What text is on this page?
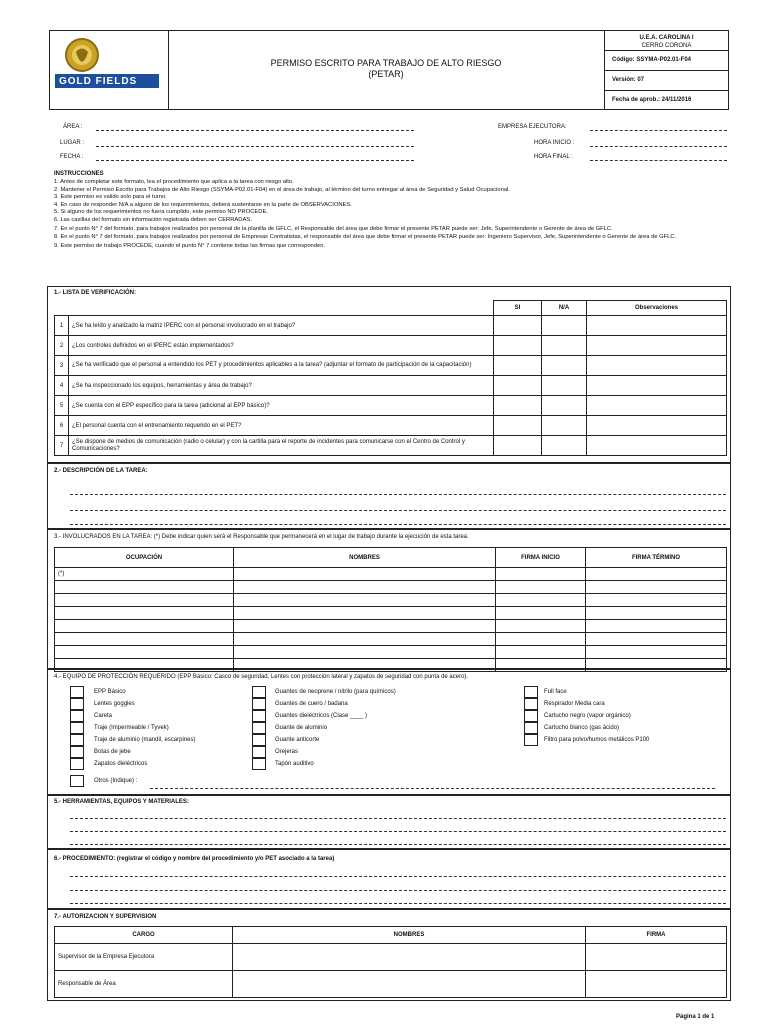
GOLD FIELDS
PERMISO ESCRITO PARA TRABAJO DE ALTO RIESGO
(PETAR)
U.E.A. CAROLINA I
CERRO CORONA
Código: SSYMA-P02.01-F04
Versión: 07
Fecha de aprob.: 24/11/2016
ÁREA :
LUGAR :
FECHA :
EMPRESA EJECUTORA:
HORA INICIO :
HORA FINAL :
INSTRUCCIONES
1. Antes de completar este formato, lea el procedimiento que aplica a la tarea con riesgo alto.
2. Mantener el Permiso Escrito para Trabajos de Alto Riesgo (SSYMA-P02.01-F04) en el área de trabajo, al término del turno entregar al área de Seguridad y Salud Ocupacional.
3. Este permiso es valido solo para el turno.
4. En caso de responder N/A a alguno de los requerimientos, deberá sustentarse en la parte de OBSERVACIONES.
5. Si alguno de los requerimientos no fuera cumplido, este permiso NO PROCEDE.
6. Las casillas del formato sin información registrada deben ser CERRADAS.
7. En el punto N° 7 del formato, para trabajos realizados por personal de la planilla de GFLC, el Responsable del área que debe firmar el presente PETAR puede ser: Jefe, Superintendente o Gerente de área de GFLC.
8. En el punto N° 7 del formato, para trabajos realizados por personal de Empresas Contratistas, el responsable del área que debe firmar el presente PETAR puede ser: Ingeniero Supervisor, Jefe, Superintendente o Gerente de área de GFLC.
9. Este permiso de trabajo PROCEDE, cuando el punto N° 7 contiene todas las firmas que corresponden.
1.- LISTA DE VERIFICACIÓN:
		SI	N/A	Observaciones
1	¿Se ha leído y analizado la matriz IPERC con el personal involucrado en el trabajo?			
2	¿Los controles definidos en el IPERC están implementados?			
3	¿Se ha verificado que el personal a entendido los PET y procedimientos aplicables a la tarea? (adjuntar el formato de participación de la capacitación)			
4	¿Se ha inspeccionado los equipos, herramientas y área de trabajo?			
5	¿Se cuenta con el EPP específico para la tarea (adicional al EPP básico)?			
6	¿El personal cuenta con el entrenamiento requerido en el PET?			
7	¿Se dispone de medios de comunicación (radio o celular) y con la cartilla para el reporte de incidentes para comunicarse con el Centro de Control y Comunicaciones?			
2.- DESCRIPCIÓN DE LA TAREA:
3.- INVOLUCRADOS EN LA TAREA: (*) Debe indicar quien será el Responsable que permanecerá en el lugar de trabajo durante la ejecución de esta tarea.
OCUPACIÓN	NOMBRES	FIRMA INICIO	FIRMA TÉRMINO
(*)			

4.- EQUIPO DE PROTECCIÓN REQUERIDO (EPP Básico: Casco de seguridad, Lentes con protección lateral y zapatos de seguridad con punta de acero).
EPP Básico
Lentes goggles
Careta
Traje (Impermeable / Tyvek)
Traje de aluminio (mandil, escarpines)
Botas de jebe
Zapatos dieléctricos
Guantes de neoprene / nitrilo (para químicos)
Guantes de cuero / badana
Guantes dieléctricos (Clase ____ )
Guante de aluminio
Guante anticorte
Orejeras
Tapón auditivo
Full face
Respirador Media cara
Cartucho negro (vapor orgánico)
Cartucho blanco (gas ácido)
Filtro para polvo/humos metálicos P100
Otros (Indique) :
5.- HERRAMIENTAS, EQUIPOS Y MATERIALES:
6.- PROCEDIMIENTO: (registrar el código y nombre del procedimiento y/o PET asociado a la tarea)
7.- AUTORIZACION Y SUPERVISION
CARGO	NOMBRES	FIRMA
Supervisor de la Empresa Ejecutora		
Responsable de Área		
Página 1 de 1
